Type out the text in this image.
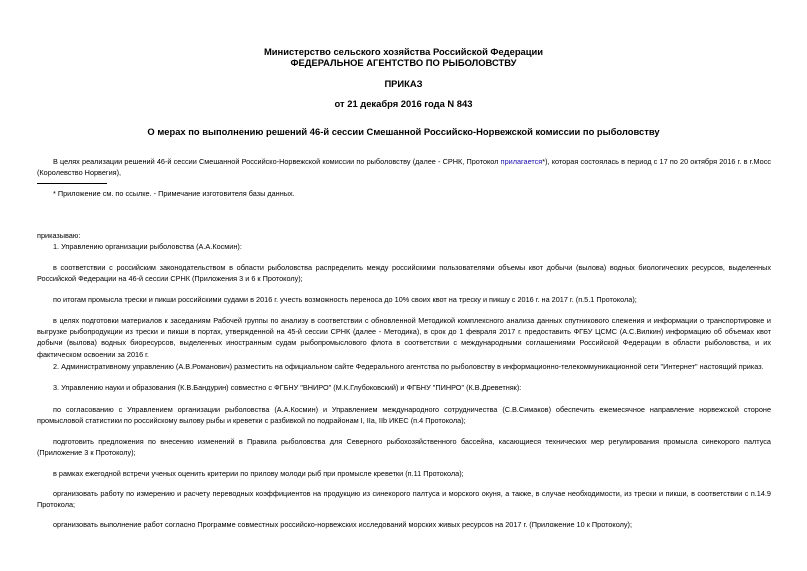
Министерство сельского хозяйства Российской Федерации
ФЕДЕРАЛЬНОЕ АГЕНТСТВО ПО РЫБОЛОВСТВУ
ПРИКАЗ
от 21 декабря 2016 года N 843
О мерах по выполнению решений 46-й сессии Смешанной Российско-Норвежской комиссии по рыболовству
В целях реализации решений 46-й сессии Смешанной Российско-Норвежской комиссии по рыболовству (далее - СРНК, Протокол прилагается*), которая состоялась в период с 17 по 20 октября 2016 г. в г.Мосс (Королевство Норвегия),
* Приложение см. по ссылке. - Примечание изготовителя базы данных.
приказываю:
1. Управлению организации рыболовства (А.А.Космин):
в соответствии с российским законодательством в области рыболовства распределить между российскими пользователями объемы квот добычи (вылова) водных биологических ресурсов, выделенных Российской Федерации на 46-й сессии СРНК (Приложения 3 и 6 к Протоколу);
по итогам промысла трески и пикши российскими судами в 2016 г. учесть возможность переноса до 10% своих квот на треску и пикшу с 2016 г. на 2017 г. (п.5.1 Протокола);
в целях подготовки материалов к заседаниям Рабочей группы по анализу в соответствии с обновленной Методикой комплексного анализа данных спутникового слежения и информации о транспортировке и выгрузке рыбопродукции из трески и пикши в портах, утвержденной на 45-й сессии СРНК (далее - Методика), в срок до 1 февраля 2017 г. предоставить ФГБУ ЦСМС (А.С.Вилкин) информацию об объемах квот добычи (вылова) водных биоресурсов, выделенных иностранным судам рыбопромыслового флота в соответствии с международными соглашениями Российской Федерации в области рыболовства, и их фактическом освоении за 2016 г.
2. Административному управлению (А.В.Романович) разместить на официальном сайте Федерального агентства по рыболовству в информационно-телекоммуникационной сети "Интернет" настоящий приказ.
3. Управлению науки и образования (К.В.Бандурин) совместно с ФГБНУ "ВНИРО" (М.К.Глубоковский) и ФГБНУ "ПИНРО" (К.В.Древетняк):
по согласованию с Управлением организации рыболовства (А.А.Космин) и Управлением международного сотрудничества (С.В.Симаков) обеспечить ежемесячное направление норвежской стороне промысловой статистики по российскому вылову рыбы и креветки с разбивкой по подрайонам I, IIa, IIb ИКЕС (п.4 Протокола);
подготовить предложения по внесению изменений в Правила рыболовства для Северного рыбохозяйственного бассейна, касающиеся технических мер регулирования промысла синекорого палтуса (Приложение 3 к Протоколу);
в рамках ежегодной встречи ученых оценить критерии по прилову молоди рыб при промысле креветки (п.11 Протокола);
организовать работу по измерению и расчету переводных коэффициентов на продукцию из синекорого палтуса и морского окуня, а также, в случае необходимости, из трески и пикши, в соответствии с п.14.9 Протокола;
организовать выполнение работ согласно Программе совместных российско-норвежских исследований морских живых ресурсов на 2017 г. (Приложение 10 к Протоколу);
